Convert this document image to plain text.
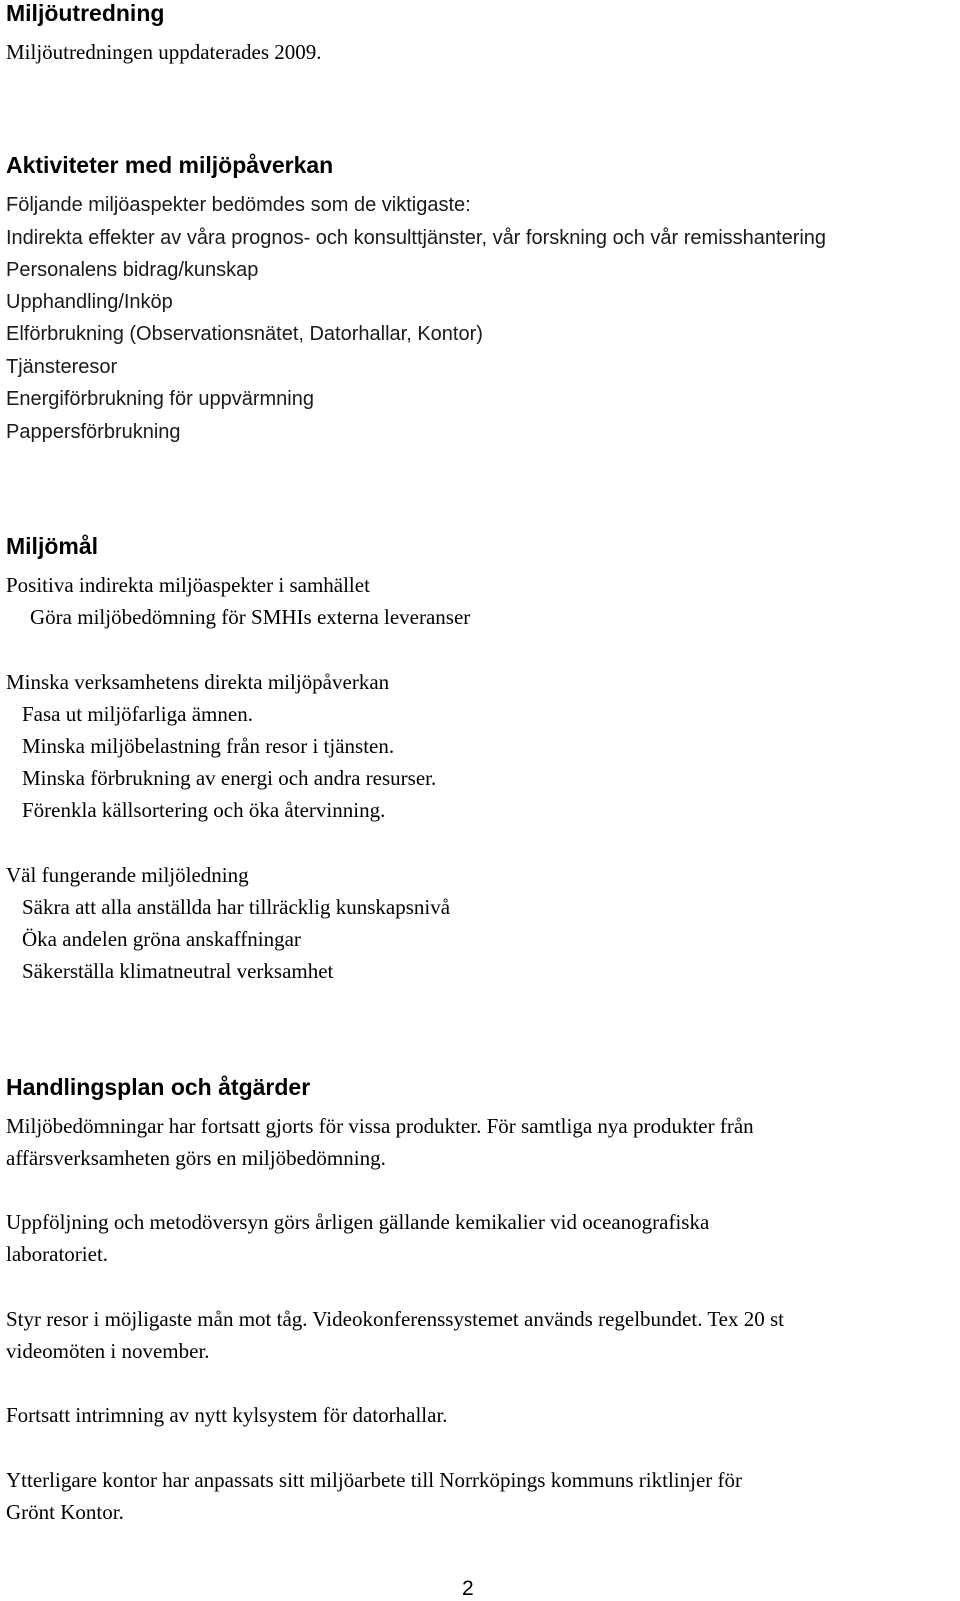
Miljöutredning
Miljöutredningen uppdaterades 2009.
Aktiviteter med miljöpåverkan
Följande miljöaspekter bedömdes som de viktigaste:
Indirekta effekter av våra prognos- och konsulttjänster, vår forskning och vår remisshantering
Personalens bidrag/kunskap
Upphandling/Inköp
Elförbrukning (Observationsnätet, Datorhallar, Kontor)
Tjänsteresor
Energiförbrukning för uppvärmning
Pappersförbrukning
Miljömål
Positiva indirekta miljöaspekter i samhället
Göra miljöbedömning för SMHIs externa leveranser
Minska verksamhetens direkta miljöpåverkan
Fasa ut miljöfarliga ämnen.
Minska miljöbelastning från resor i tjänsten.
Minska förbrukning av energi och andra resurser.
Förenkla källsortering och öka återvinning.
Väl fungerande miljöledning
Säkra att alla anställda har tillräcklig kunskapsnivå
Öka andelen gröna anskaffningar
Säkerställa klimatneutral verksamhet
Handlingsplan och åtgärder
Miljöbedömningar har fortsatt gjorts för vissa produkter. För samtliga nya produkter från
affärsverksamheten görs en miljöbedömning.
Uppföljning och metodöversyn görs årligen gällande kemikalier vid oceanografiska
laboratoriet.
Styr resor i möjligaste mån mot tåg. Videokonferenssystemet används regelbundet. Tex 20 st
videomöten i november.
Fortsatt intrimning av nytt kylsystem för datorhallar.
Ytterligare kontor har anpassats sitt miljöarbete till Norrköpings kommuns riktlinjer för
Grönt Kontor.
2
